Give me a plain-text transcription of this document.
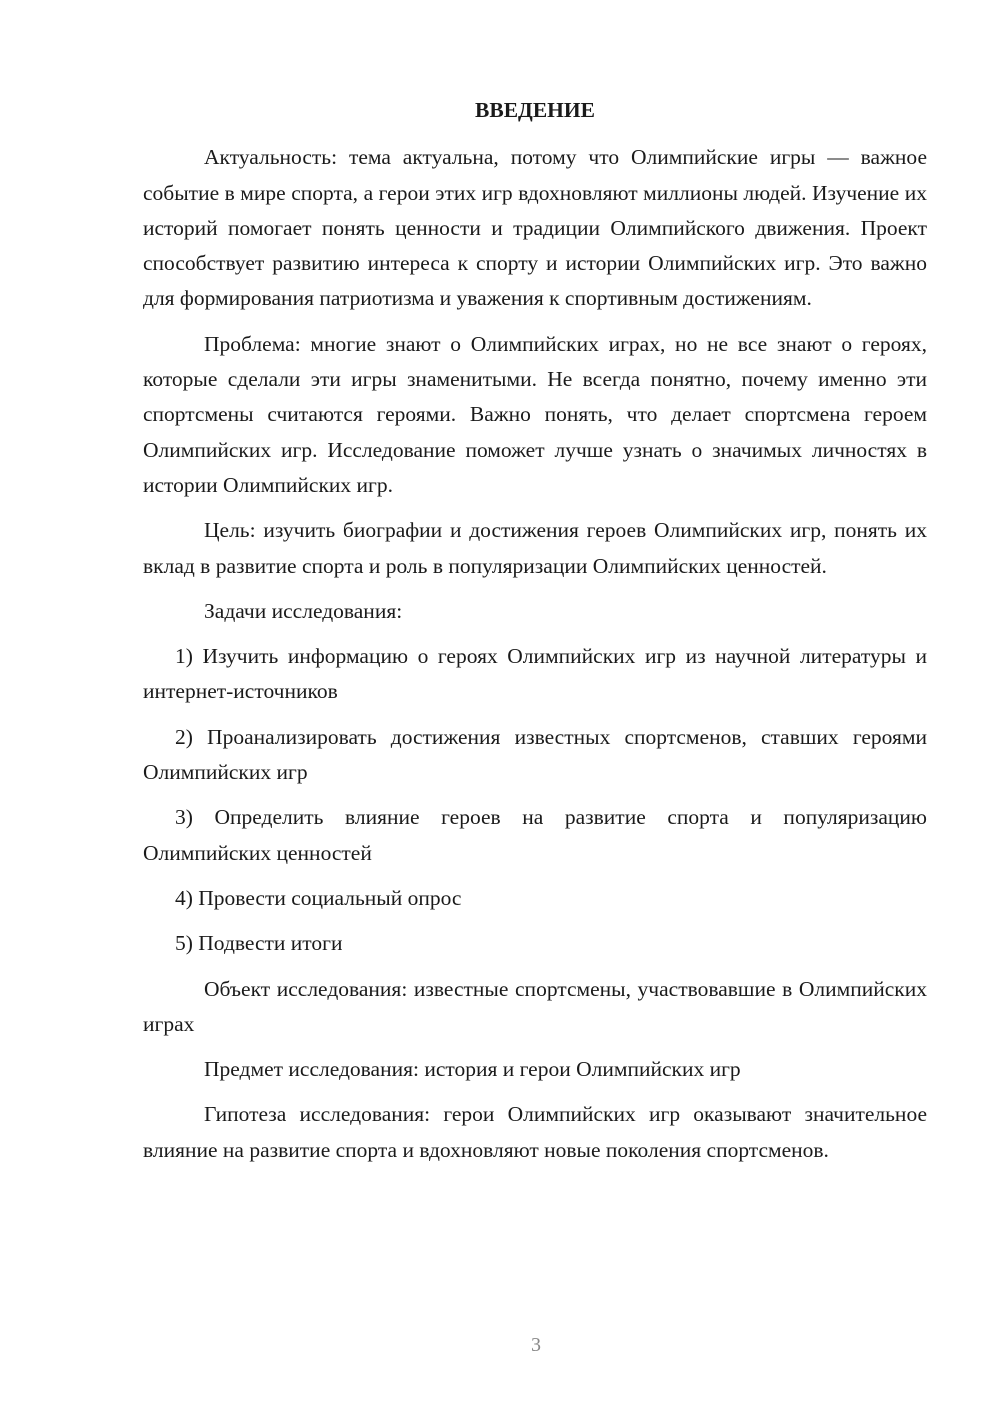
ВВЕДЕНИЕ

Актуальность: тема актуальна, потому что Олимпийские игры — важное событие в мире спорта, а герои этих игр вдохновляют миллионы людей. Изучение их историй помогает понять ценности и традиции Олимпийского движения. Проект способствует развитию интереса к спорту и истории Олимпийских игр. Это важно для формирования патриотизма и уважения к спортивным достижениям.

Проблема: многие знают о Олимпийских играх, но не все знают о героях, которые сделали эти игры знаменитыми. Не всегда понятно, почему именно эти спортсмены считаются героями. Важно понять, что делает спортсмена героем Олимпийских игр. Исследование поможет лучше узнать о значимых личностях в истории Олимпийских игр.

Цель: изучить биографии и достижения героев Олимпийских игр, понять их вклад в развитие спорта и роль в популяризации Олимпийских ценностей.

Задачи исследования:

1) Изучить информацию о героях Олимпийских игр из научной литературы и интернет-источников

2) Проанализировать достижения известных спортсменов, ставших героями Олимпийских игр

3) Определить влияние героев на развитие спорта и популяризацию Олимпийских ценностей

4) Провести социальный опрос

5) Подвести итоги

Объект исследования: известные спортсмены, участвовавшие в Олимпийских играх

Предмет исследования: история и герои Олимпийских игр

Гипотеза исследования: герои Олимпийских игр оказывают значительное влияние на развитие спорта и вдохновляют новые поколения спортсменов.

3
